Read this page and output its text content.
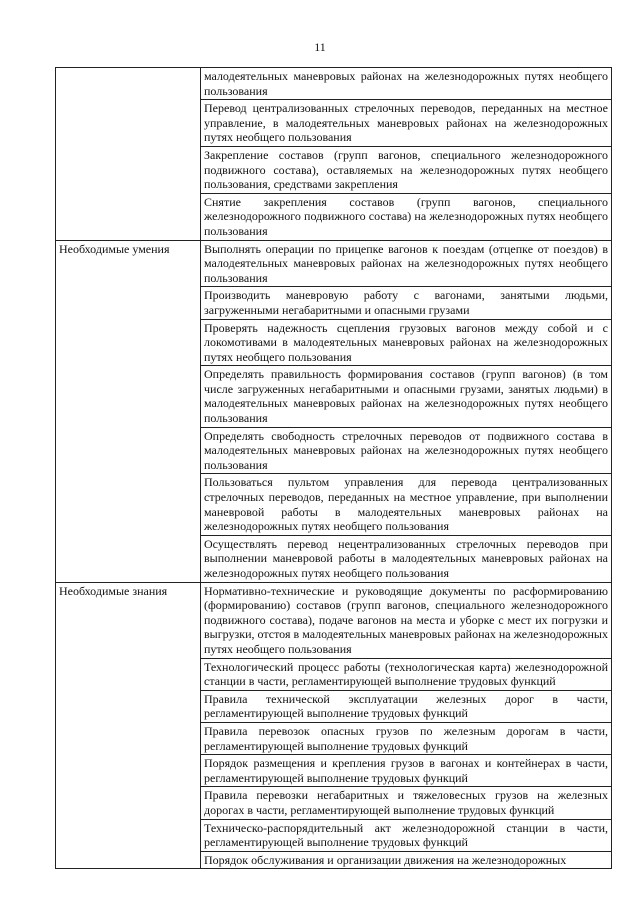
11
	малодеятельных маневровых районах на железнодорожных путях необщего пользования
	Перевод централизованных стрелочных переводов, переданных на местное управление, в малодеятельных маневровых районах на железнодорожных путях необщего пользования
	Закрепление составов (групп вагонов, специального железнодорожного подвижного состава), оставляемых на железнодорожных путях необщего пользования, средствами закрепления
	Снятие закрепления составов (групп вагонов, специального железнодорожного подвижного состава) на железнодорожных путях необщего пользования
Необходимые умения	Выполнять операции по прицепке вагонов к поездам (отцепке от поездов) в малодеятельных маневровых районах на железнодорожных путях необщего пользования
	Производить маневровую работу с вагонами, занятыми людьми, загруженными негабаритными и опасными грузами
	Проверять надежность сцепления грузовых вагонов между собой и с локомотивами в малодеятельных маневровых районах на железнодорожных путях необщего пользования
	Определять правильность формирования составов (групп вагонов) (в том числе загруженных негабаритными и опасными грузами, занятых людьми) в малодеятельных маневровых районах на железнодорожных путях необщего пользования
	Определять свободность стрелочных переводов от подвижного состава в малодеятельных маневровых районах на железнодорожных путях необщего пользования
	Пользоваться пультом управления для перевода централизованных стрелочных переводов, переданных на местное управление, при выполнении маневровой работы в малодеятельных маневровых районах на железнодорожных путях необщего пользования
	Осуществлять перевод нецентрализованных стрелочных переводов при выполнении маневровой работы в малодеятельных маневровых районах на железнодорожных путях необщего пользования
Необходимые знания	Нормативно-технические и руководящие документы по расформированию (формированию) составов (групп вагонов, специального железнодорожного подвижного состава), подаче вагонов на места и уборке с мест их погрузки и выгрузки, отстоя в малодеятельных маневровых районах на железнодорожных путях необщего пользования
	Технологический процесс работы (технологическая карта) железнодорожной станции в части, регламентирующей выполнение трудовых функций
	Правила технической эксплуатации железных дорог в части, регламентирующей выполнение трудовых функций
	Правила перевозок опасных грузов по железным дорогам в части, регламентирующей выполнение трудовых функций
	Порядок размещения и крепления грузов в вагонах и контейнерах в части, регламентирующей выполнение трудовых функций
	Правила перевозки негабаритных и тяжеловесных грузов на железных дорогах в части, регламентирующей выполнение трудовых функций
	Техническо-распорядительный акт железнодорожной станции в части, регламентирующей выполнение трудовых функций
	Порядок обслуживания и организации движения на железнодорожных
